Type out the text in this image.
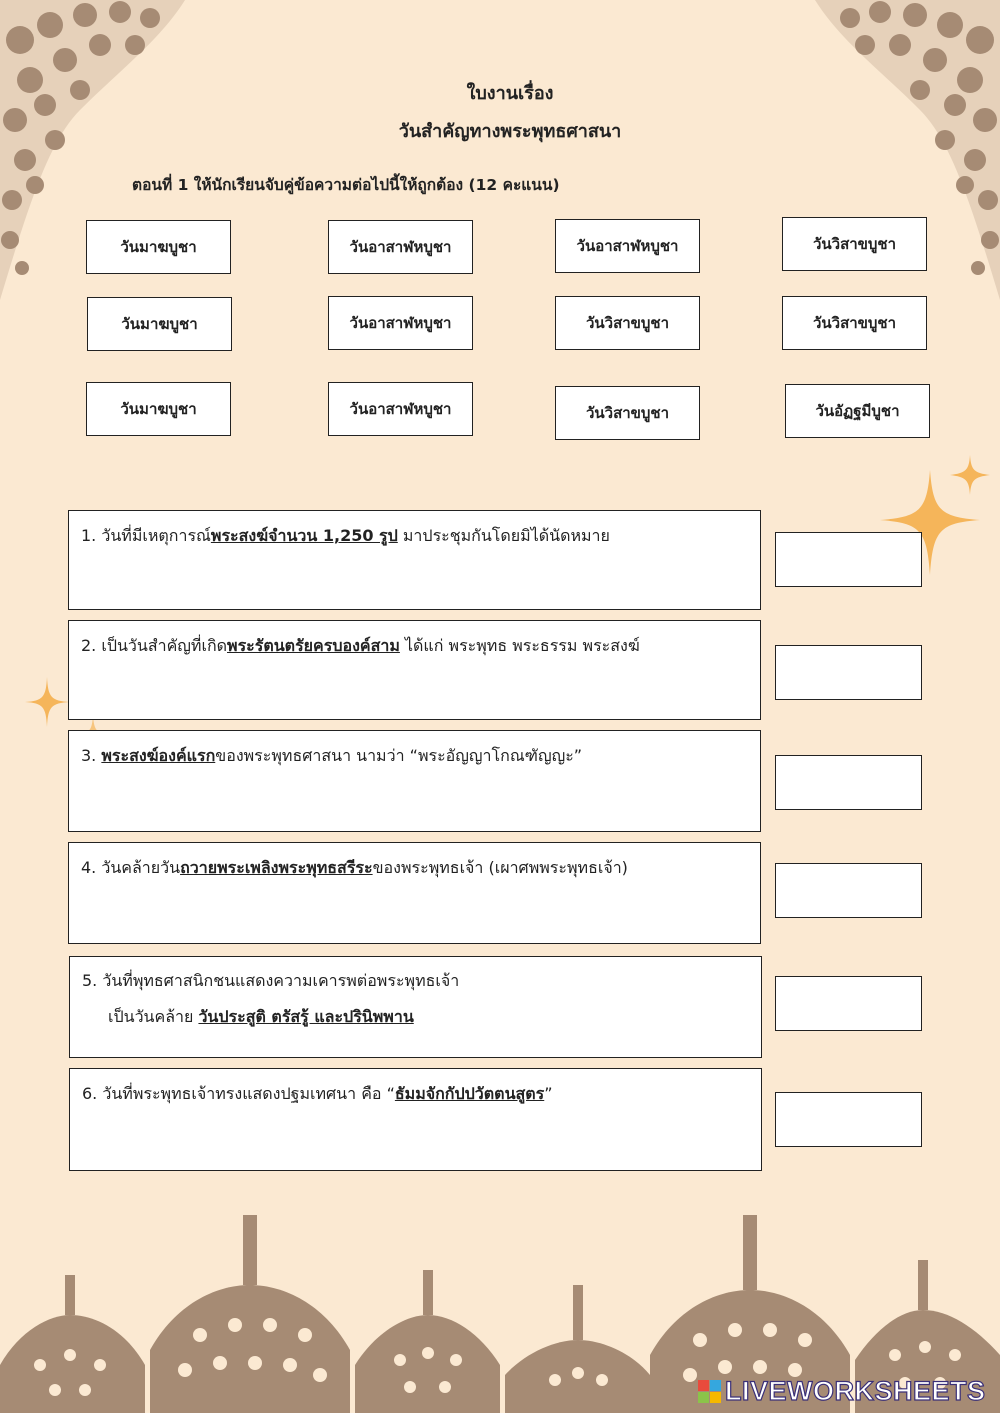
ใบงานเรื่อง
วันสำคัญทางพระพุทธศาสนา
ตอนที่ 1 ให้นักเรียนจับคู่ข้อความต่อไปนี้ให้ถูกต้อง (12 คะแนน)
วันมาฆบูชา	วันอาสาฬหบูชา	วันอาสาฬหบูชา	วันวิสาขบูชา
วันมาฆบูชา	วันอาสาฬหบูชา	วันวิสาขบูชา	วันวิสาขบูชา
วันมาฆบูชา	วันอาสาฬหบูชา	วันวิสาขบูชา	วันอัฏฐมีบูชา
1. วันที่มีเหตุการณ์พระสงฆ์จำนวน 1,250 รูป มาประชุมกันโดยมิได้นัดหมาย
2. เป็นวันสำคัญที่เกิดพระรัตนตรัยครบองค์สาม ได้แก่ พระพุทธ พระธรรม พระสงฆ์
3. พระสงฆ์องค์แรกของพระพุทธศาสนา นามว่า “พระอัญญาโกณฑัญญะ”
4. วันคล้ายวันถวายพระเพลิงพระพุทธสรีระของพระพุทธเจ้า (เผาศพพระพุทธเจ้า)
5. วันที่พุทธศาสนิกชนแสดงความเคารพต่อพระพุทธเจ้า
เป็นวันคล้าย วันประสูติ ตรัสรู้ และปรินิพพาน
6. วันที่พระพุทธเจ้าทรงแสดงปฐมเทศนา คือ “ธัมมจักกัปปวัตตนสูตร”
LIVEWORKSHEETS
